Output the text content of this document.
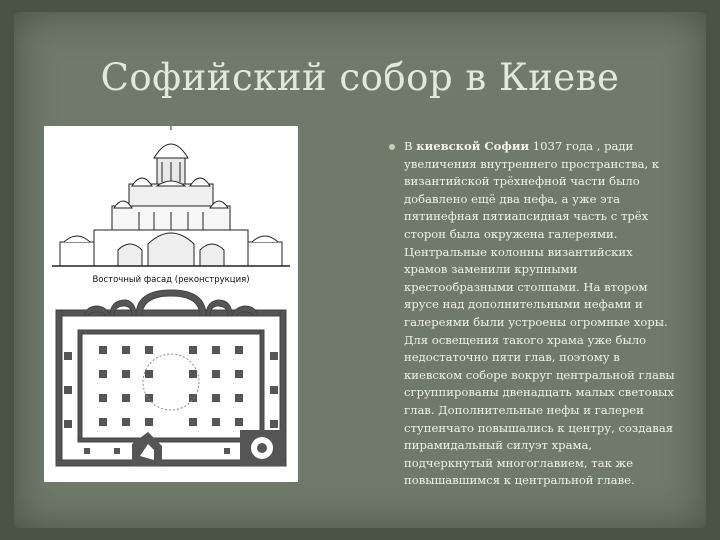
Софийский собор в Киеве
Восточный фасад (реконструкция)
В киевской Софии 1037 года , ради увеличения внутреннего пространства, к византийской трёхнефной части было добавлено ещё два нефа, а уже эта пятинефная пятиапсидная часть с трёх сторон была окружена галереями. Центральные колонны византийских храмов заменили крупными крестообразными столпами. На втором ярусе над дополнительными нефами и галереями были устроены огромные хоры. Для освещения такого храма уже было недостаточно пяти глав, поэтому в киевском соборе вокруг центральной главы сгруппированы двенадцать малых световых глав. Дополнительные нефы и галереи ступенчато повышались к центру, создавая пирамидальный силуэт храма, подчеркнутый многоглавием, так же повышавшимся к центральной главе.
